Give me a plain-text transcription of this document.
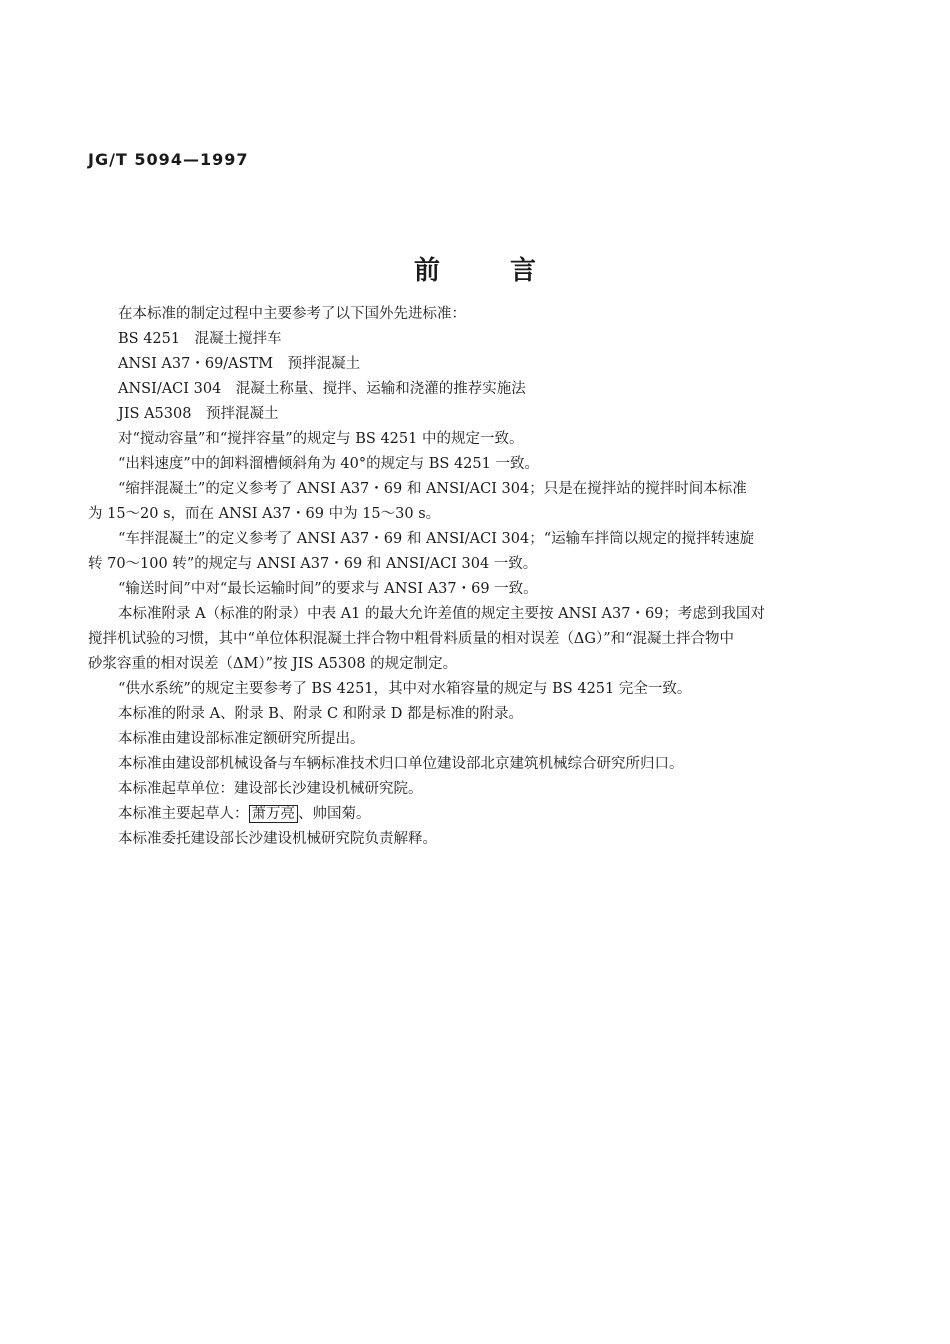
JG/T 5094—1997
前	言
在本标准的制定过程中主要参考了以下国外先进标准：
BS 4251　混凝土搅拌车
ANSI A37・69/ASTM　预拌混凝土
ANSI/ACI 304　混凝土称量、搅拌、运输和浇灌的推荐实施法
JIS A5308　预拌混凝土
对“搅动容量”和“搅拌容量”的规定与 BS 4251 中的规定一致。
“出料速度”中的卸料溜槽倾斜角为 40°的规定与 BS 4251 一致。
“缩拌混凝土”的定义参考了 ANSI A37・69 和 ANSI/ACI 304；只是在搅拌站的搅拌时间本标准
为 15～20 s，而在 ANSI A37・69 中为 15～30 s。
“车拌混凝土”的定义参考了 ANSI A37・69 和 ANSI/ACI 304；“运输车拌筒以规定的搅拌转速旋
转 70～100 转”的规定与 ANSI A37・69 和 ANSI/ACI 304 一致。
“输送时间”中对“最长运输时间”的要求与 ANSI A37・69 一致。
本标准附录 A（标准的附录）中表 A1 的最大允许差值的规定主要按 ANSI A37・69；考虑到我国对
搅拌机试验的习惯，其中“单位体积混凝土拌合物中粗骨料质量的相对误差（ΔG）”和“混凝土拌合物中
砂浆容重的相对误差（ΔM）”按 JIS A5308 的规定制定。
“供水系统”的规定主要参考了 BS 4251，其中对水箱容量的规定与 BS 4251 完全一致。
本标准的附录 A、附录 B、附录 C 和附录 D 都是标准的附录。
本标准由建设部标准定额研究所提出。
本标准由建设部机械设备与车辆标准技术归口单位建设部北京建筑机械综合研究所归口。
本标准起草单位：建设部长沙建设机械研究院。
本标准主要起草人： 萧万亮 、帅国菊。
本标准委托建设部长沙建设机械研究院负责解释。
